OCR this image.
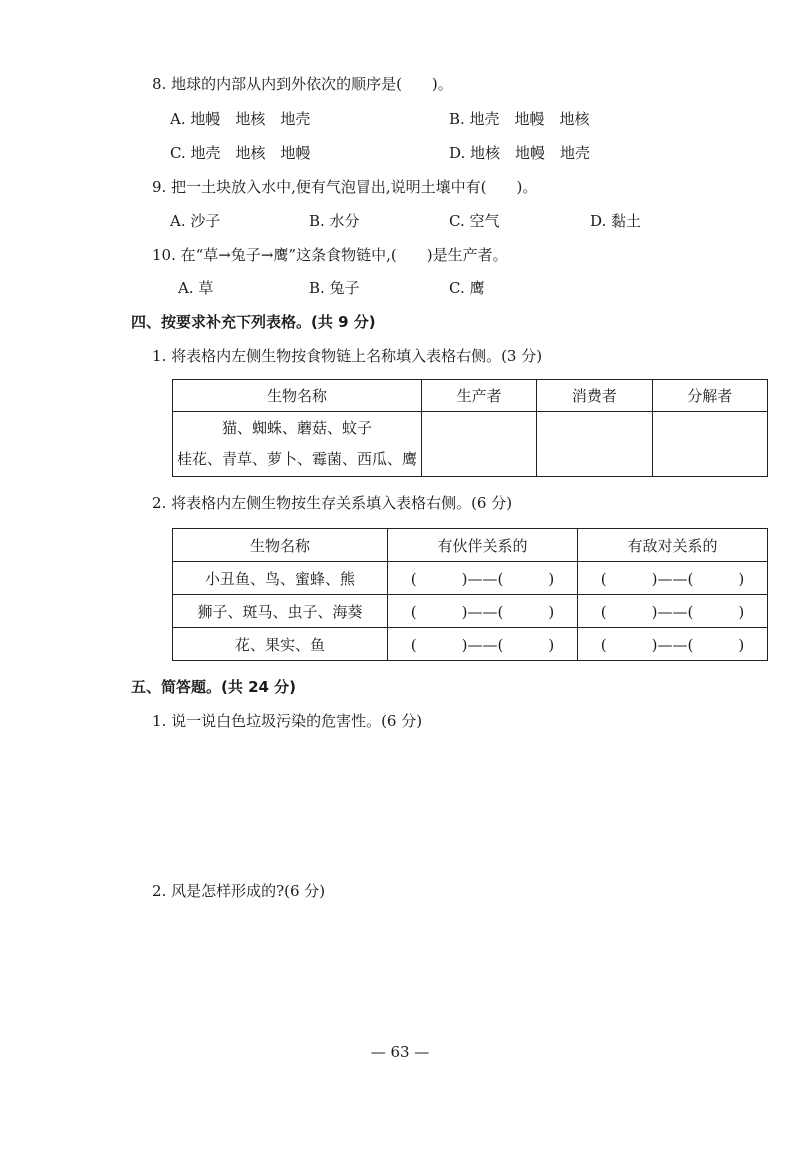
8. 地球的内部从内到外依次的顺序是(　　)。
A. 地幔　地核　地壳	B. 地壳　地幔　地核
C. 地壳　地核　地幔	D. 地核　地幔　地壳
9. 把一土块放入水中,便有气泡冒出,说明土壤中有(　　)。
A. 沙子	B. 水分	C. 空气	D. 黏土
10. 在“草→兔子→鹰”这条食物链中,(　　)是生产者。
A. 草	B. 兔子	C. 鹰
四、按要求补充下列表格。(共 9 分)
1. 将表格内左侧生物按食物链上名称填入表格右侧。(3 分)
生物名称	生产者	消费者	分解者

猫、蜘蛛、蘑菇、蚊子
桂花、青草、萝卜、霉菌、西瓜、鹰			

2. 将表格内左侧生物按生存关系填入表格右侧。(6 分)
生物名称	有伙伴关系的	有敌对关系的
小丑鱼、鸟、蜜蜂、熊	(　　　)——(　　　)	(　　　)——(　　　)
狮子、斑马、虫子、海葵	(　　　)——(　　　)	(　　　)——(　　　)
花、果实、鱼	(　　　)——(　　　)	(　　　)——(　　　)
五、简答题。(共 24 分)
1. 说一说白色垃圾污染的危害性。(6 分)
2. 风是怎样形成的?(6 分)
— 63 —
